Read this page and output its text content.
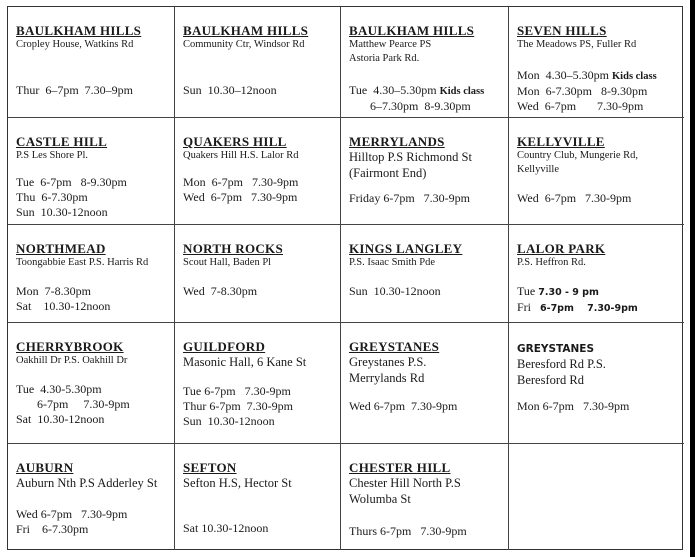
BAULKHAM HILLS
Cropley House, Watkins Rd
Thur  6–7pm  7.30–9pm
BAULKHAM HILLS
Community Ctr, Windsor Rd
Sun  10.30–12noon
BAULKHAM HILLS
Matthew Pearce PS
Astoria Park Rd.
Tue  4.30–5.30pm Kids class
6–7.30pm  8-9.30pm
SEVEN HILLS
The Meadows PS, Fuller Rd
Mon  4.30–5.30pm Kids class
Mon  6-7.30pm   8-9.30pm
Wed  6-7pm       7.30-9pm
CASTLE HILL
P.S Les Shore Pl.
Tue  6-7pm   8-9.30pm
Thu  6-7.30pm
Sun  10.30-12noon
QUAKERS HILL
Quakers Hill H.S. Lalor Rd
Mon  6-7pm   7.30-9pm
Wed  6-7pm   7.30-9pm
MERRYLANDS
Hilltop P.S Richmond St
(Fairmont End)
Friday 6-7pm   7.30-9pm
KELLYVILLE
Country Club, Mungerie Rd,
Kellyville
Wed  6-7pm   7.30-9pm
NORTHMEAD
Toongabbie East P.S. Harris Rd
Mon  7-8.30pm
Sat    10.30-12noon
NORTH ROCKS
Scout Hall, Baden Pl
Wed  7-8.30pm
KINGS LANGLEY
P.S. Isaac Smith Pde
Sun  10.30-12noon
LALOR PARK
P.S. Heffron Rd.
Tue 7.30 - 9 pm
Fri   6-7pm    7.30-9pm
CHERRYBROOK
Oakhill Dr P.S. Oakhill Dr
Tue  4.30-5.30pm
6-7pm     7.30-9pm
Sat  10.30-12noon
GUILDFORD
Masonic Hall, 6 Kane St
Tue 6-7pm   7.30-9pm
Thur 6-7pm  7.30-9pm
Sun  10.30-12noon
GREYSTANES
Greystanes P.S.
Merrylands Rd
Wed 6-7pm  7.30-9pm
GREYSTANES
Beresford Rd P.S.
Beresford Rd
Mon 6-7pm   7.30-9pm
AUBURN
Auburn Nth P.S Adderley St
Wed 6-7pm   7.30-9pm
Fri    6-7.30pm
SEFTON
Sefton H.S, Hector St
Sat 10.30-12noon
CHESTER HILL
Chester Hill North P.S
Wolumba St
Thurs 6-7pm   7.30-9pm
